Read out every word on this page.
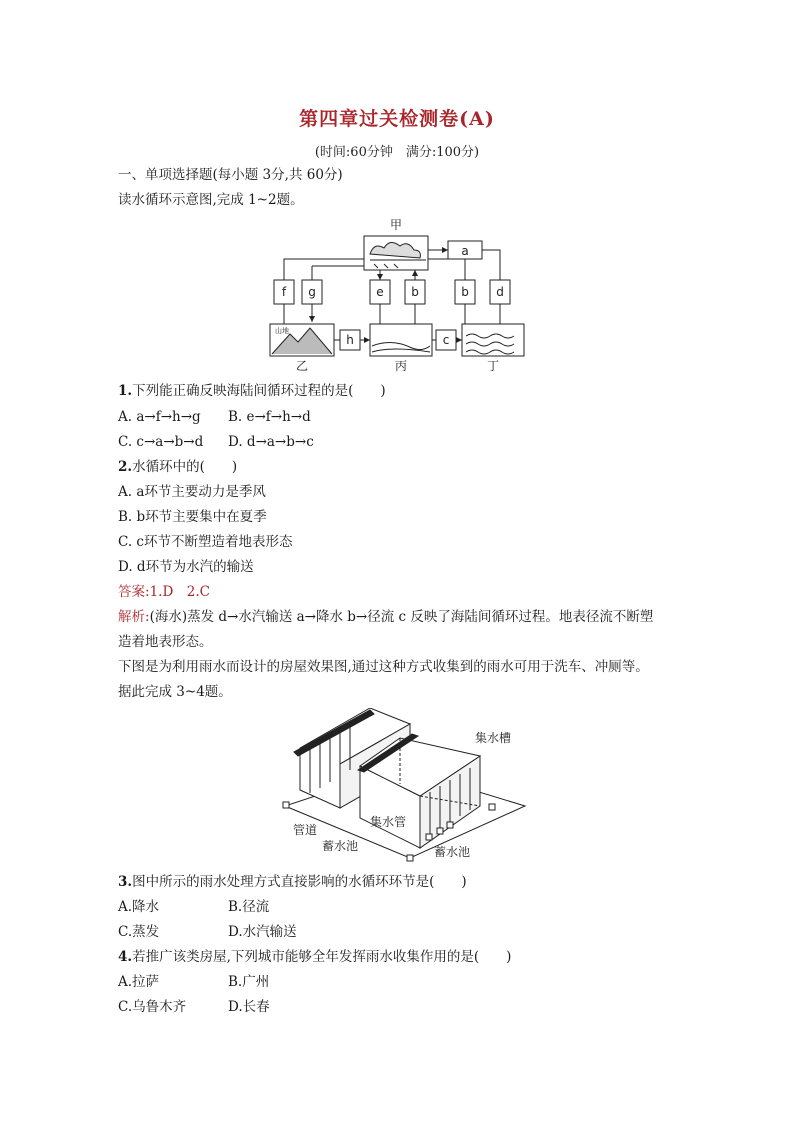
第四章过关检测卷(A)
(时间:60分钟　满分:100分)
一、单项选择题(每小题 3分,共 60分)
读水循环示意图,完成 1~2题。
甲
a
f g	e b	b d
h	c
乙	丙	丁
山地
1.下列能正确反映海陆间循环过程的是(　　)
A. a→f→h→g B. e→f→h→d
C. c→a→b→d D. d→a→b→c
2.水循环中的(　　)
A. a环节主要动力是季风
B. b环节主要集中在夏季
C. c环节不断塑造着地表形态
D. d环节为水汽的输送
答案:1.D　2.C
解析:(海水)蒸发 d→水汽输送 a→降水 b→径流 c 反映了海陆间循环过程。地表径流不断塑
造着地表形态。
下图是为利用雨水而设计的房屋效果图,通过这种方式收集到的雨水可用于洗车、冲厕等。
据此完成 3~4题。
集水槽
管道
集水管
蓄水池	蓄水池
3.图中所示的雨水处理方式直接影响的水循环环节是(　　)
A.降水	B.径流
C.蒸发	D.水汽输送
4.若推广该类房屋,下列城市能够全年发挥雨水收集作用的是(　　)
A.拉萨	B.广州
C.乌鲁木齐	D.长春
